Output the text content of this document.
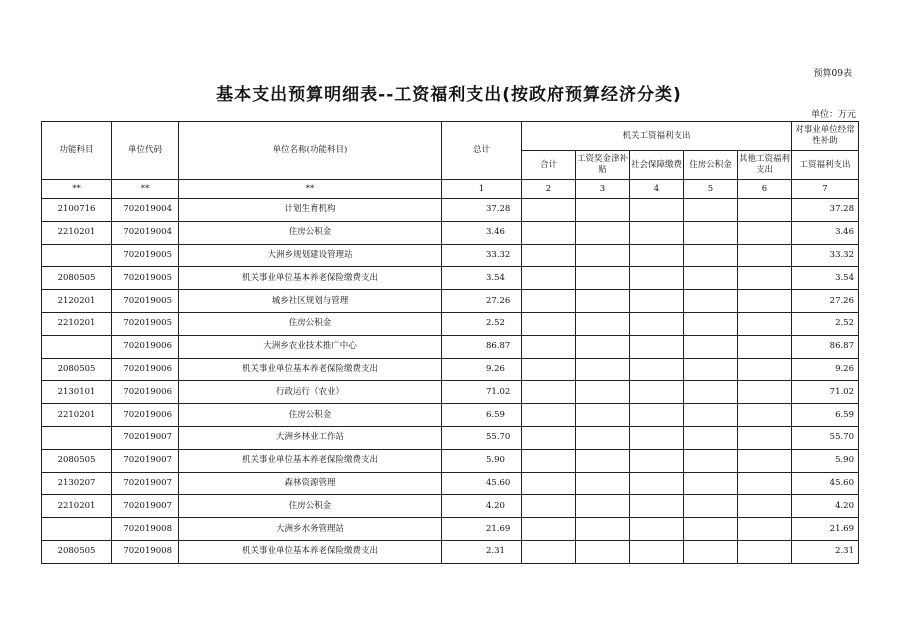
预算09表
基本支出预算明细表--工资福利支出(按政府预算经济分类)
单位：万元
功能科目	单位代码	单位名称(功能科目)	总计	机关工资福利支出					对事业单位经常性补助
				合计	工资奖金津补贴	社会保障缴费	住房公积金	其他工资福利支出	工资福利支出
**	**	**	1	2	3	4	5	6	7
2100716	702019004	计划生育机构	37.28						37.28
2210201	702019004	住房公积金	3.46						3.46
	702019005	大洲乡规划建设管理站	33.32						33.32
2080505	702019005	机关事业单位基本养老保险缴费支出	3.54						3.54
2120201	702019005	城乡社区规划与管理	27.26						27.26
2210201	702019005	住房公积金	2.52						2.52
	702019006	大洲乡农业技术推广中心	86.87						86.87
2080505	702019006	机关事业单位基本养老保险缴费支出	9.26						9.26
2130101	702019006	行政运行（农业）	71.02						71.02
2210201	702019006	住房公积金	6.59						6.59
	702019007	大洲乡林业工作站	55.70						55.70
2080505	702019007	机关事业单位基本养老保险缴费支出	5.90						5.90
2130207	702019007	森林资源管理	45.60						45.60
2210201	702019007	住房公积金	4.20						4.20
	702019008	大洲乡水务管理站	21.69						21.69
2080505	702019008	机关事业单位基本养老保险缴费支出	2.31						2.31
